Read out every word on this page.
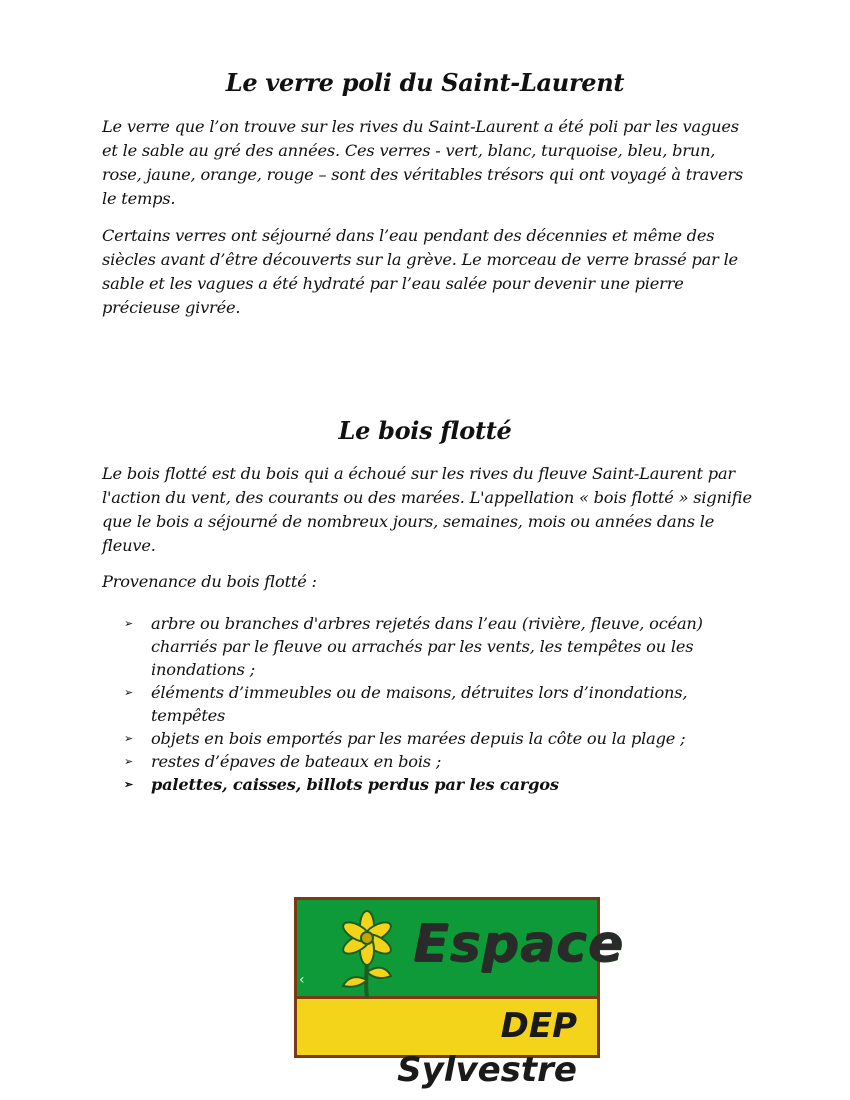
Le verre poli du Saint-Laurent

Le verre que l’on trouve sur les rives du Saint-Laurent a été poli par les vagues et le sable au gré des années. Ces verres - vert, blanc, turquoise, bleu, brun, rose, jaune, orange, rouge – sont des véritables trésors qui ont voyagé à travers le temps.

Certains verres ont séjourné dans l’eau pendant des décennies et même des siècles avant d’être découverts sur la grève. Le morceau de verre brassé par le sable et les vagues a été hydraté par l’eau salée pour devenir une pierre précieuse givrée.

Le bois flotté

Le bois flotté est du bois qui a échoué sur les rives du fleuve Saint-Laurent par l'action du vent, des courants ou des marées. L'appellation « bois flotté » signifie que le bois a séjourné de nombreux jours, semaines, mois ou années dans le fleuve.

Provenance du bois flotté :

➢ arbre ou branches d'arbres rejetés dans l’eau (rivière, fleuve, océan) charriés par le fleuve ou arrachés par les vents, les tempêtes ou les inondations ;
➢ éléments d’immeubles ou de maisons, détruites lors d’inondations, tempêtes
➢ objets en bois emportés par les marées depuis la côte ou la plage ;
➢ restes d’épaves de bateaux en bois ;
➢ palettes, caisses, billots perdus par les cargos
Espace
DEP Sylvestre
‹
